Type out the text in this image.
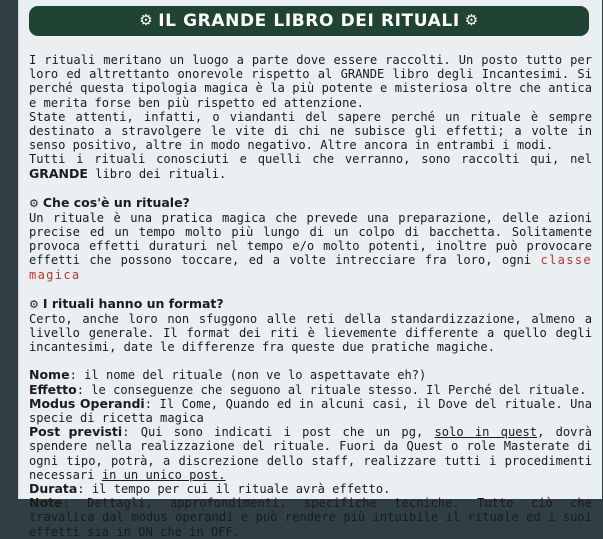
⚙ IL GRANDE LIBRO DEI RITUALI ⚙

I rituali meritano un luogo a parte dove essere raccolti. Un posto tutto per loro ed altrettanto onorevole rispetto al GRANDE libro degli Incantesimi. Si perché questa tipologia magica è la più potente e misteriosa oltre che antica e merita forse ben più rispetto ed attenzione.

State attenti, infatti, o viandanti del sapere perché un rituale è sempre destinato a stravolgere le vite di chi ne subisce gli effetti; a volte in senso positivo, altre in modo negativo. Altre ancora in entrambi i modi.

Tutti i rituali conosciuti e quelli che verranno, sono raccolti qui, nel GRANDE libro dei rituali.

⚙ Che cos'è un rituale?

Un rituale è una pratica magica che prevede una preparazione, delle azioni precise ed un tempo molto più lungo di un colpo di bacchetta. Solitamente provoca effetti duraturi nel tempo e/o molto potenti, inoltre può provocare effetti che possono toccare, ed a volte intrecciare fra loro, ogni classe magica

⚙ I rituali hanno un format?

Certo, anche loro non sfuggono alle reti della standardizzazione, almeno a livello generale. Il format dei riti è lievemente differente a quello degli incantesimi, date le differenze fra queste due pratiche magiche.

Nome: il nome del rituale (non ve lo aspettavate eh?)

Effetto: le conseguenze che seguono al rituale stesso. Il Perché del rituale.

Modus Operandi: Il Come, Quando ed in alcuni casi, il Dove del rituale. Una specie di ricetta magica

Post previsti: Qui sono indicati i post che un pg, solo in quest, dovrà spendere nella realizzazione del rituale. Fuori da Quest o role Masterate di ogni tipo, potrà, a discrezione dello staff, realizzare tutti i procedimenti necessari in un unico post.

Durata: il tempo per cui il rituale avrà effetto.

Note: Dettagli, approfondimenti, specifiche tecniche. Tutto ciò che travalica dal modus operandi e può rendere più intuibile il rituale ed i suoi effetti sia in ON che in OFF.
